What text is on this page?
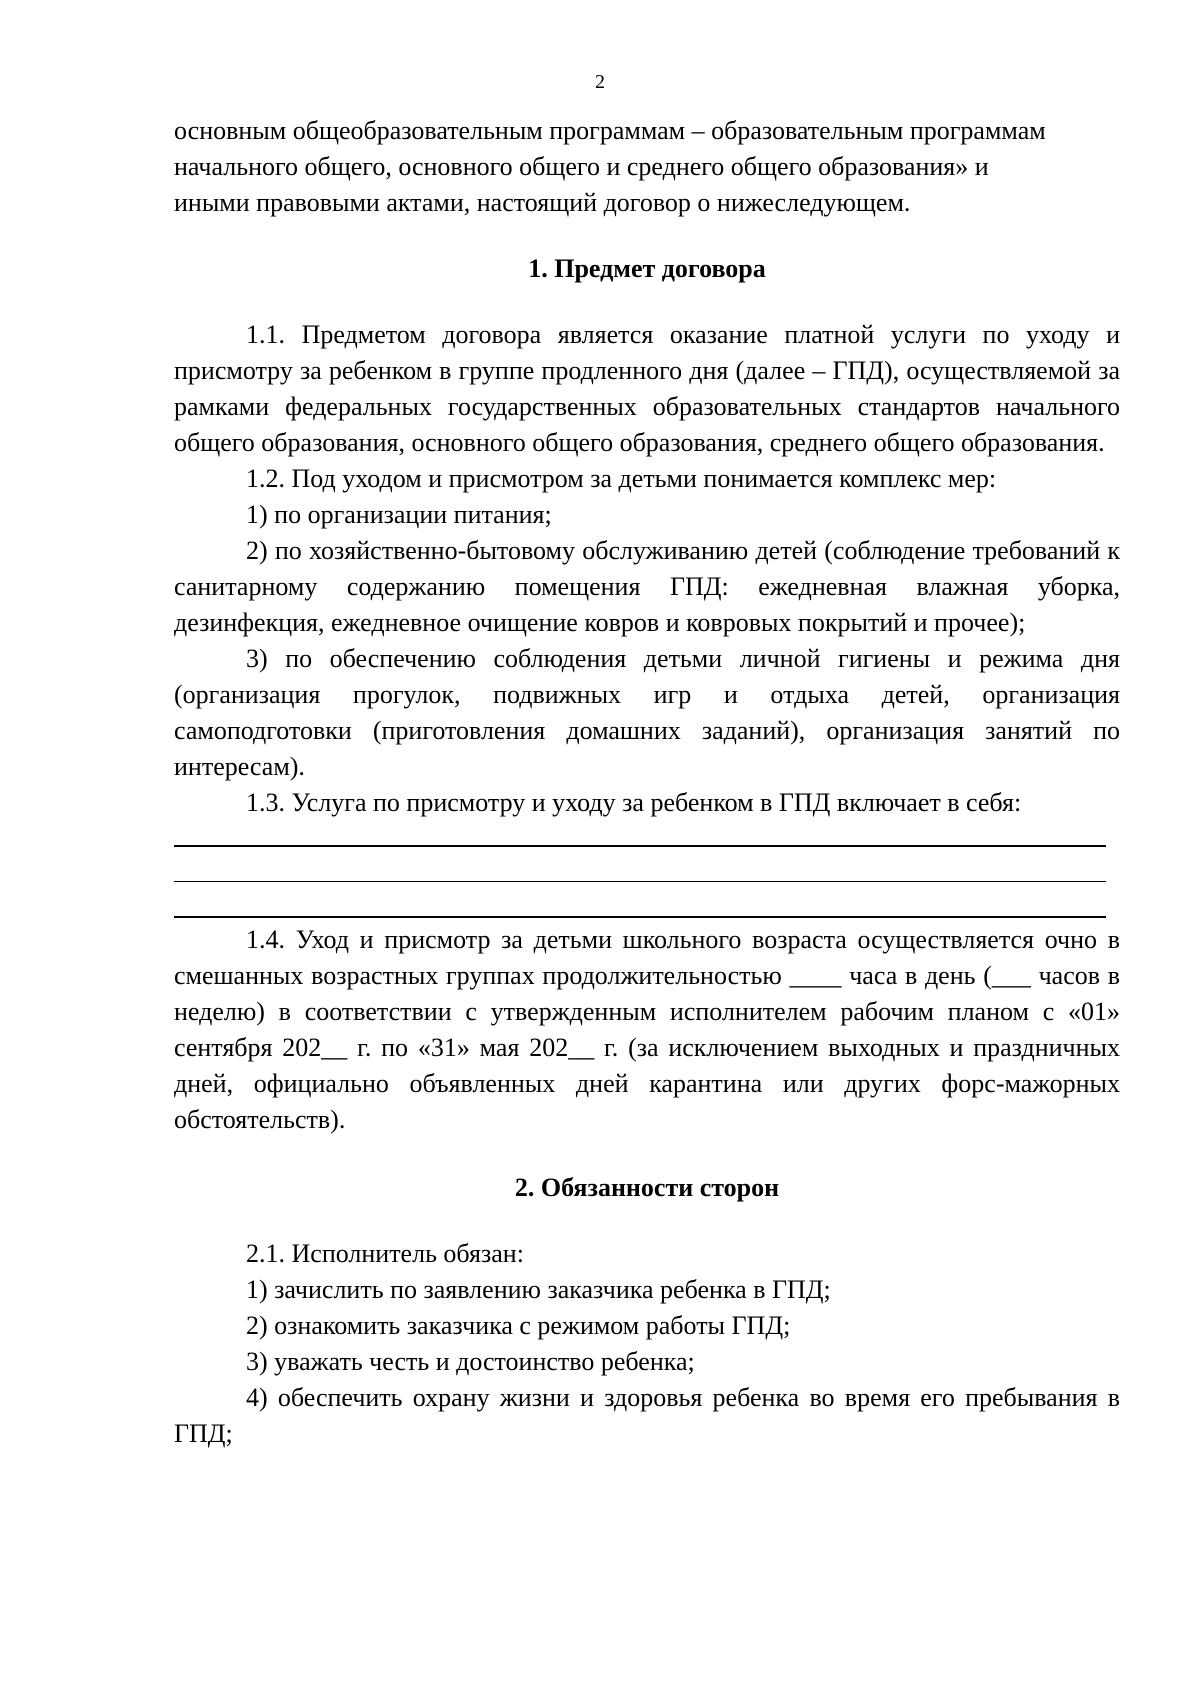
2

основным общеобразовательным программам – образовательным программам

начального общего, основного общего и среднего общего образования» и

иными правовыми актами, настоящий договор о нижеследующем.

1. Предмет договора

1.1. Предметом договора является оказание платной услуги по уходу и присмотру за ребенком в группе продленного дня (далее – ГПД), осуществляемой за рамками федеральных государственных образовательных стандартов начального общего образования, основного общего образования, среднего общего образования.

1.2. Под уходом и присмотром за детьми понимается комплекс мер:

1) по организации питания;

2) по хозяйственно-бытовому обслуживанию детей (соблюдение требований к санитарному содержанию помещения ГПД: ежедневная влажная уборка, дезинфекция, ежедневное очищение ковров и ковровых покрытий и прочее);

3) по обеспечению соблюдения детьми личной гигиены и режима дня (организация прогулок, подвижных игр и отдыха детей, организация самоподготовки (приготовления домашних заданий), организация занятий по интересам).

1.3. Услуга по присмотру и уходу за ребенком в ГПД включает в себя:

1.4. Уход и присмотр за детьми школьного возраста осуществляется очно в смешанных возрастных группах продолжительностью ____ часа в день (___ часов в неделю) в соответствии с утвержденным исполнителем рабочим планом с «01» сентября 202__ г. по «31» мая 202__ г. (за исключением выходных и праздничных дней, официально объявленных дней карантина или других форс-мажорных обстоятельств).

2. Обязанности сторон

2.1. Исполнитель обязан:

1) зачислить по заявлению заказчика ребенка в ГПД;

2) ознакомить заказчика с режимом работы ГПД;

3) уважать честь и достоинство ребенка;

4) обеспечить охрану жизни и здоровья ребенка во время его пребывания в ГПД;
